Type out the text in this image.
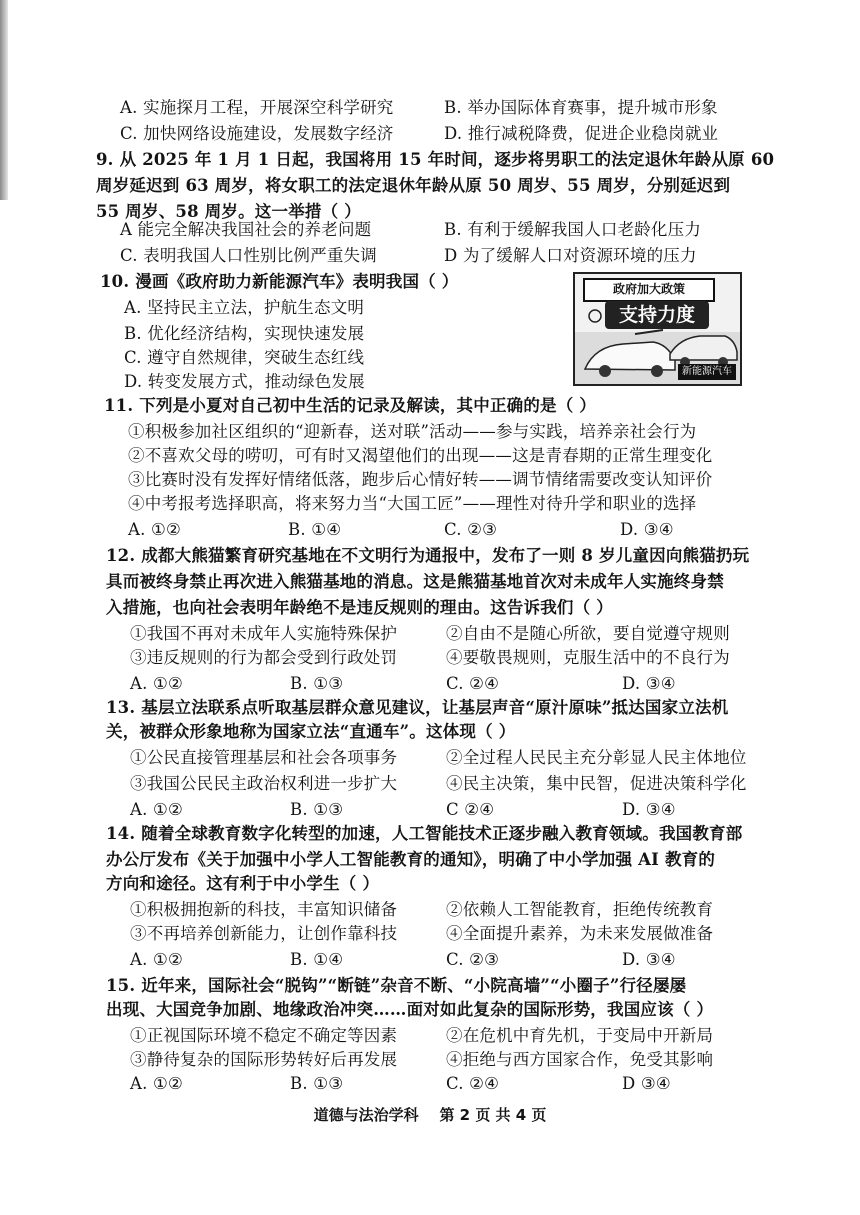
A. 实施探月工程，开展深空科学研究	B. 举办国际体育赛事，提升城市形象
C. 加快网络设施建设，发展数字经济	D. 推行减税降费，促进企业稳岗就业
9. 从 2025 年 1 月 1 日起，我国将用 15 年时间，逐步将男职工的法定退休年龄从原 60
周岁延迟到 63 周岁，将女职工的法定退休年龄从原 50 周岁、55 周岁，分别延迟到
55 周岁、58 周岁。这一举措（ ）
A 能完全解决我国社会的养老问题	B. 有利于缓解我国人口老龄化压力
C. 表明我国人口性别比例严重失调	D 为了缓解人口对资源环境的压力
10. 漫画《政府助力新能源汽车》表明我国（ ）
A. 坚持民主立法，护航生态文明
B. 优化经济结构，实现快速发展
C. 遵守自然规律，突破生态红线
D. 转变发展方式，推动绿色发展
政府加大政策
支持力度
新能源汽车
11. 下列是小夏对自己初中生活的记录及解读，其中正确的是（ ）
①积极参加社区组织的“迎新春，送对联”活动——参与实践，培养亲社会行为
②不喜欢父母的唠叨，可有时又渴望他们的出现——这是青春期的正常生理变化
③比赛时没有发挥好情绪低落，跑步后心情好转——调节情绪需要改变认知评价
④中考报考选择职高，将来努力当“大国工匠”——理性对待升学和职业的选择
A. ①②	B. ①④	C. ②③	D. ③④
12. 成都大熊猫繁育研究基地在不文明行为通报中，发布了一则 8 岁儿童因向熊猫扔玩
具而被终身禁止再次进入熊猫基地的消息。这是熊猫基地首次对未成年人实施终身禁
入措施，也向社会表明年龄绝不是违反规则的理由。这告诉我们（ ）
①我国不再对未成年人实施特殊保护	②自由不是随心所欲，要自觉遵守规则
③违反规则的行为都会受到行政处罚	④要敬畏规则，克服生活中的不良行为
A. ①②	B. ①③	C. ②④	D. ③④
13. 基层立法联系点听取基层群众意见建议，让基层声音“原汁原味”抵达国家立法机
关，被群众形象地称为国家立法“直通车”。这体现（ ）
①公民直接管理基层和社会各项事务	②全过程人民民主充分彰显人民主体地位
③我国公民民主政治权利进一步扩大	④民主决策，集中民智，促进决策科学化
A. ①②	B. ①③	C ②④	D. ③④
14. 随着全球教育数字化转型的加速，人工智能技术正逐步融入教育领域。我国教育部
办公厅发布《关于加强中小学人工智能教育的通知》，明确了中小学加强 AI 教育的
方向和途径。这有利于中小学生（ ）
①积极拥抱新的科技，丰富知识储备	②依赖人工智能教育，拒绝传统教育
③不再培养创新能力，让创作靠科技	④全面提升素养，为未来发展做准备
A. ①②	B. ①④	C. ②③	D. ③④
15. 近年来，国际社会“脱钩”“断链”杂音不断、“小院高墙”“小圈子”行径屡屡
出现、大国竞争加剧、地缘政治冲突……面对如此复杂的国际形势，我国应该（ ）
①正视国际环境不稳定不确定等因素	②在危机中育先机，于变局中开新局
③静待复杂的国际形势转好后再发展	④拒绝与西方国家合作，免受其影响
A. ①②	B. ①③	C. ②④	D ③④
道德与法治学科    第 2 页 共 4 页
